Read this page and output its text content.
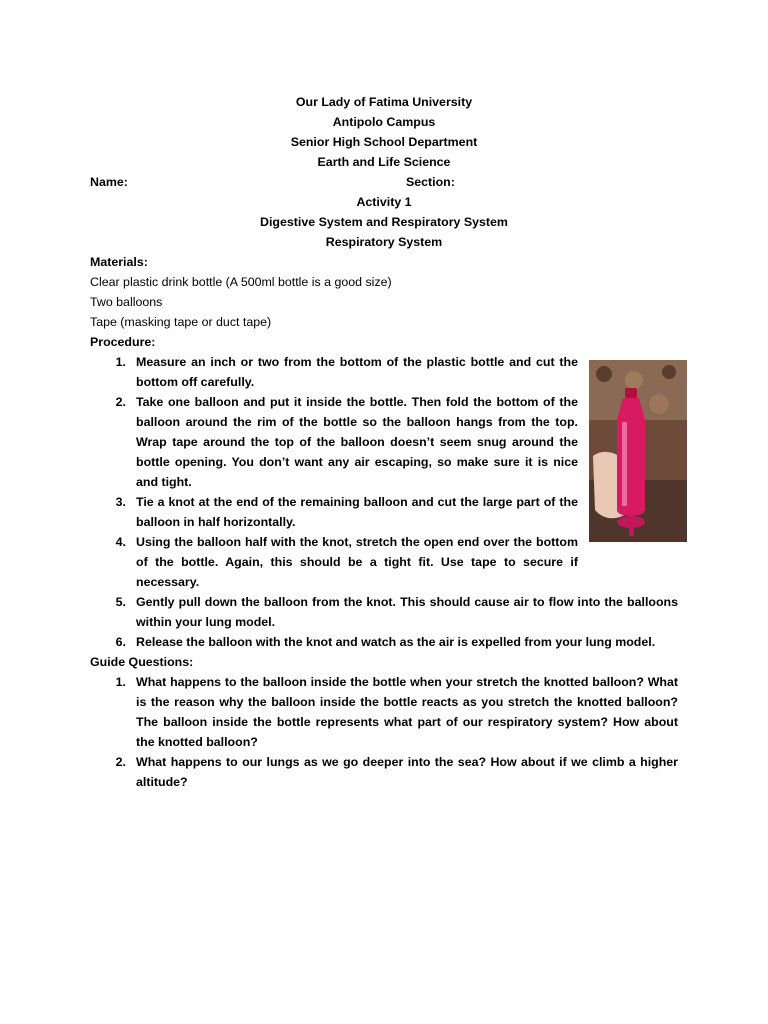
Our Lady of Fatima University
Antipolo Campus
Senior High School Department
Earth and Life Science
Name:	Section:
Activity 1
Digestive System and Respiratory System
Respiratory System
Materials:
Clear plastic drink bottle (A 500ml bottle is a good size)
Two balloons
Tape (masking tape or duct tape)
Procedure:
1. Measure an inch or two from the bottom of the plastic bottle and cut the bottom off carefully.
2. Take one balloon and put it inside the bottle. Then fold the bottom of the balloon around the rim of the bottle so the balloon hangs from the top. Wrap tape around the top of the balloon doesn’t seem snug around the bottle opening. You don’t want any air escaping, so make sure it is nice and tight.
3. Tie a knot at the end of the remaining balloon and cut the large part of the balloon in half horizontally.
4. Using the balloon half with the knot, stretch the open end over the bottom of the bottle. Again, this should be a tight fit. Use tape to secure if necessary.
5. Gently pull down the balloon from the knot. This should cause air to flow into the balloons within your lung model.
6. Release the balloon with the knot and watch as the air is expelled from your lung model.
Guide Questions:
1. What happens to the balloon inside the bottle when your stretch the knotted balloon? What is the reason why the balloon inside the bottle reacts as you stretch the knotted balloon? The balloon inside the bottle represents what part of our respiratory system? How about the knotted balloon?
2. What happens to our lungs as we go deeper into the sea? How about if we climb a higher altitude?
